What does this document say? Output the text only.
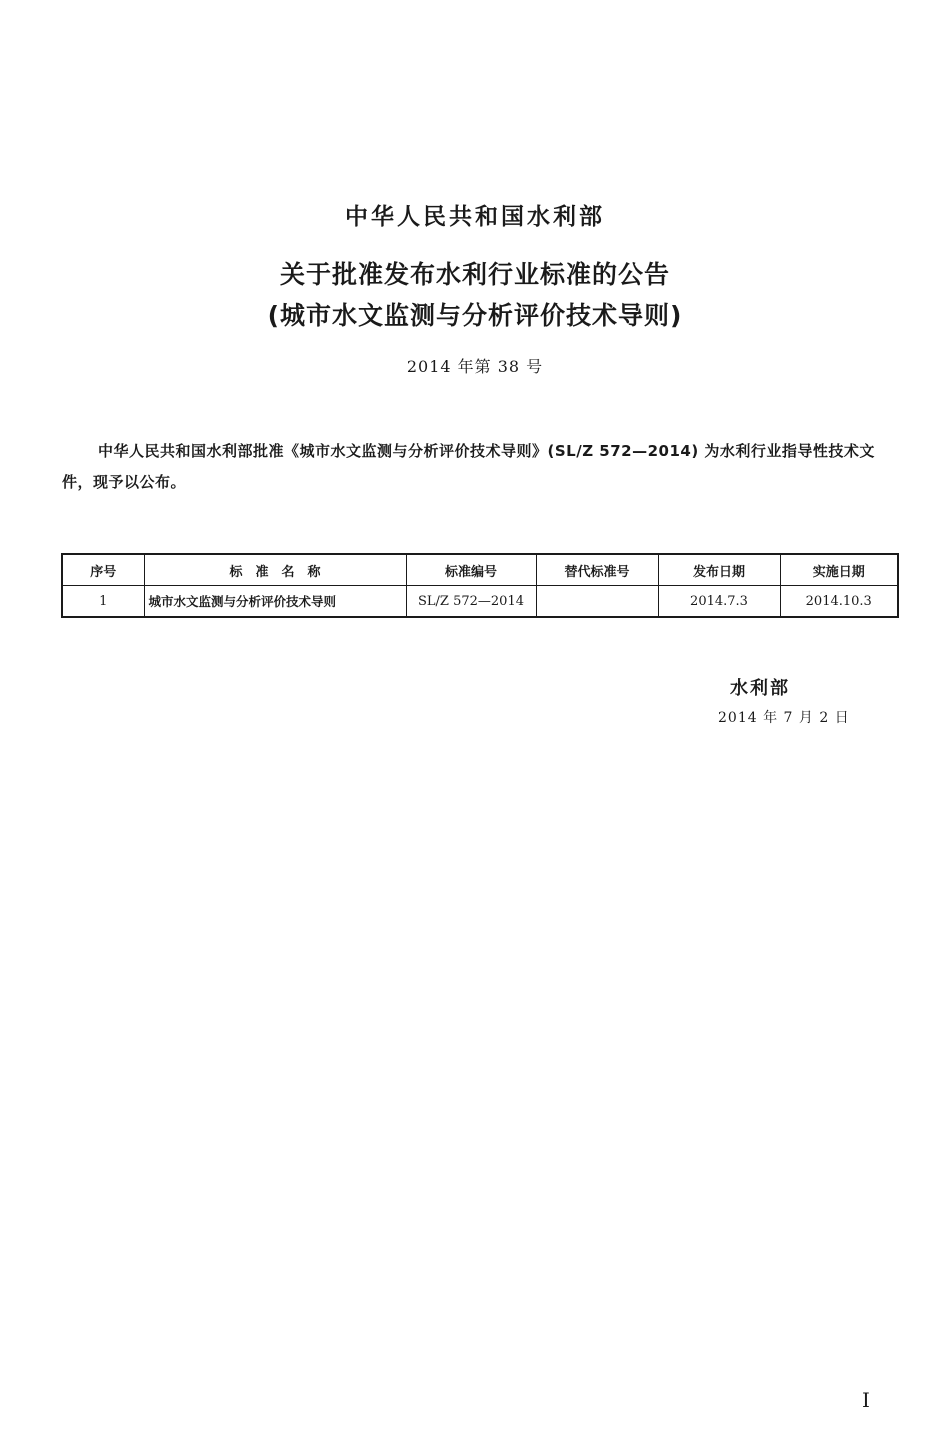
中华人民共和国水利部
关于批准发布水利行业标准的公告
(城市水文监测与分析评价技术导则)
2014 年第 38 号
中华人民共和国水利部批准《城市水文监测与分析评价技术导则》(SL/Z 572—2014) 为水利行业指导性技术文件，现予以公布。
序号	标　准　名　称	标准编号	替代标准号	发布日期	实施日期
1	城市水文监测与分析评价技术导则	SL/Z 572—2014		2014.7.3	2014.10.3
水利部
2014 年 7 月 2 日
I
